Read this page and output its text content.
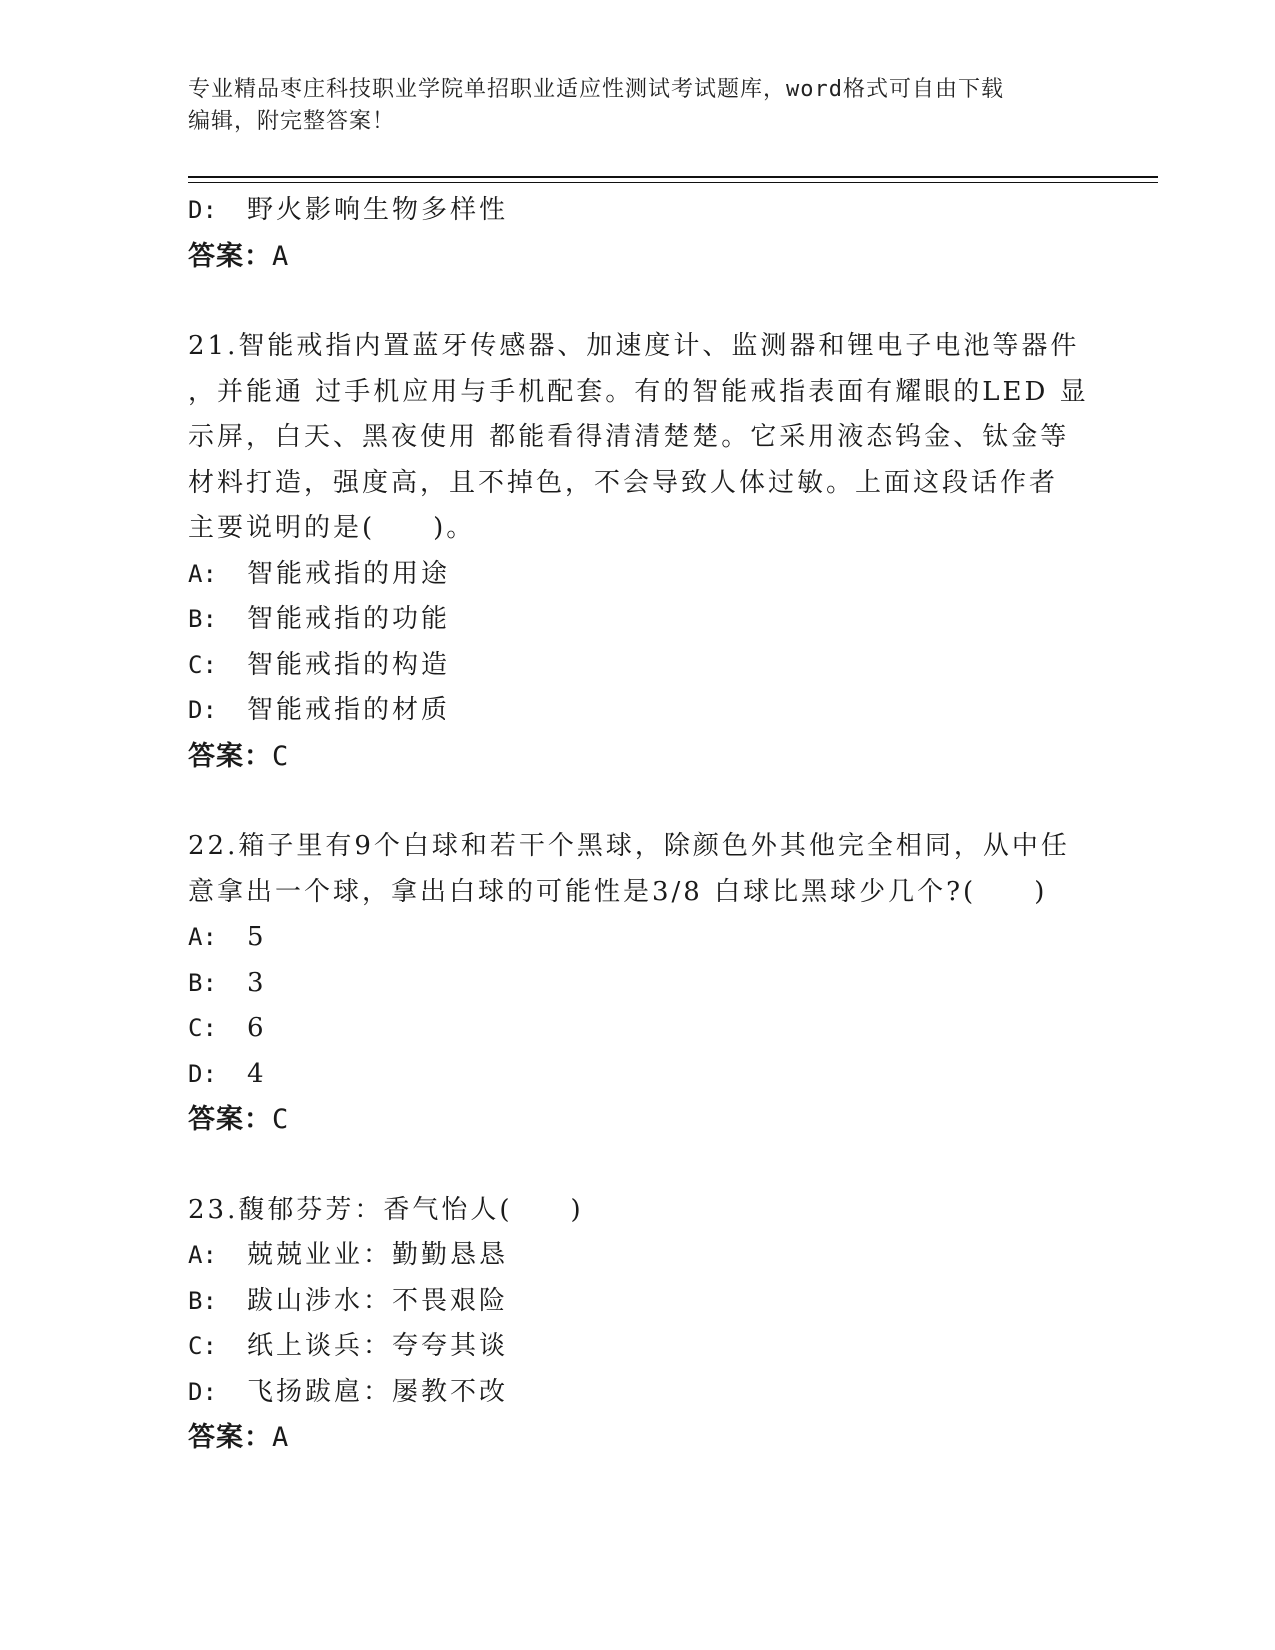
专业精品枣庄科技职业学院单招职业适应性测试考试题库，word格式可自由下载
编辑，附完整答案！
D:	野火影响生物多样性
答案：A
21.智能戒指内置蓝牙传感器、加速度计、监测器和锂电子电池等器件
，并能通 过手机应用与手机配套。有的智能戒指表面有耀眼的LED 显
示屏，白天、黑夜使用 都能看得清清楚楚。它采用液态钨金、钛金等
材料打造，强度高，且不掉色，不会导致人体过敏。上面这段话作者
主要说明的是(　　)。
A:	智能戒指的用途
B:	智能戒指的功能
C:	智能戒指的构造
D:	智能戒指的材质
答案：C
22.箱子里有9个白球和若干个黑球，除颜色外其他完全相同，从中任
意拿出一个球，拿出白球的可能性是3/8 白球比黑球少几个?(　　)
A:	5
B:	3
C:	6
D:	4
答案：C
23.馥郁芬芳：香气怡人(　　)
A:	兢兢业业：勤勤恳恳
B:	跋山涉水：不畏艰险
C:	纸上谈兵：夸夸其谈
D:	飞扬跋扈：屡教不改
答案：A
